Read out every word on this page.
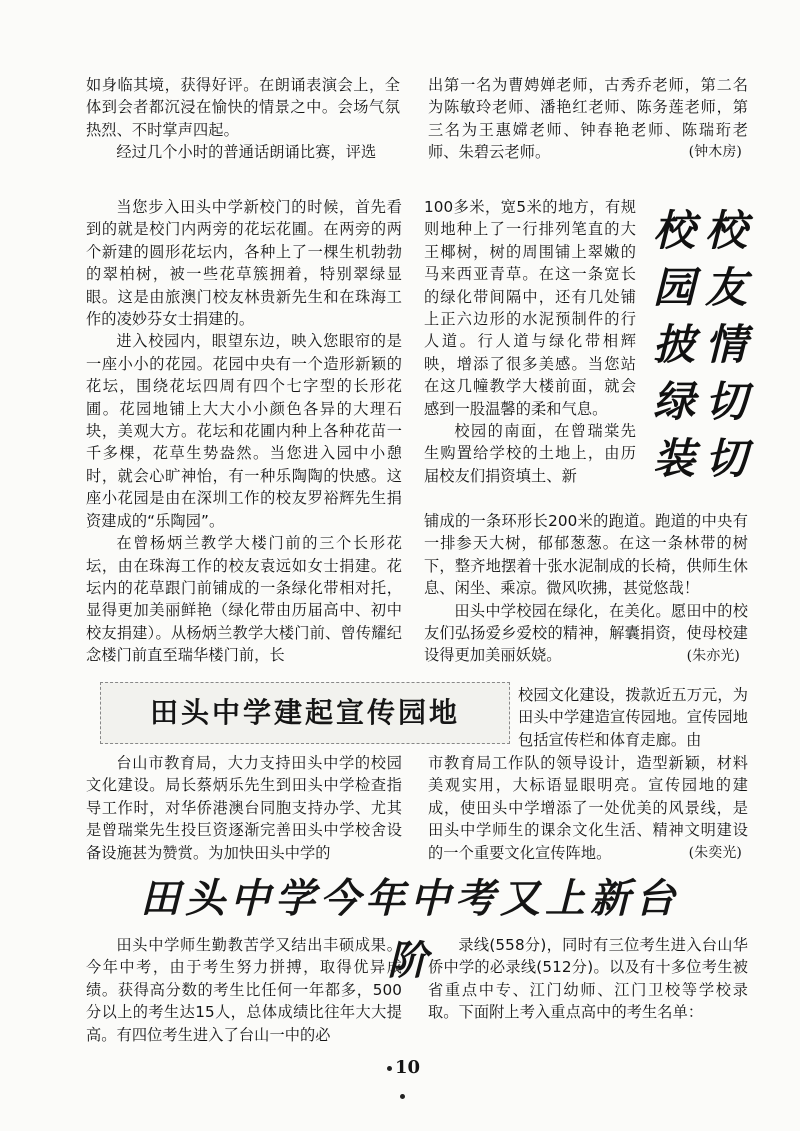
如身临其境，获得好评。在朗诵表演会上，全体到会者都沉浸在愉快的情景之中。会场气氛热烈、不时掌声四起。

经过几个小时的普通话朗诵比赛，评选

出第一名为曹娉婵老师，古秀乔老师，第二名为陈敏玲老师、潘艳红老师、陈务莲老师，第三名为王惠嫦老师、钟春艳老师、陈瑞珩老师、朱碧云老师。	(钟木房)

当您步入田头中学新校门的时候，首先看到的就是校门内两旁的花坛花圃。在两旁的两个新建的圆形花坛内，各种上了一棵生机勃勃的翠柏树，被一些花草簇拥着，特别翠绿显眼。这是由旅澳门校友林贵新先生和在珠海工作的凌妙芬女士捐建的。

进入校园内，眼望东边，映入您眼帘的是一座小小的花园。花园中央有一个造形新颖的花坛，围绕花坛四周有四个七字型的长形花圃。花园地铺上大大小小颜色各异的大理石块，美观大方。花坛和花圃内种上各种花苗一千多棵，花草生势盎然。当您进入园中小憩时，就会心旷神怡，有一种乐陶陶的快感。这座小花园是由在深圳工作的校友罗裕辉先生捐资建成的“乐陶园”。

在曾杨炳兰教学大楼门前的三个长形花坛，由在珠海工作的校友袁远如女士捐建。花坛内的花草跟门前铺成的一条绿化带相对托，显得更加美丽鲜艳（绿化带由历届高中、初中校友捐建）。从杨炳兰教学大楼门前、曾传耀纪念楼门前直至瑞华楼门前，长

100多米，宽5米的地方，有规则地种上了一行排列笔直的大王椰树，树的周围铺上翠嫩的马来西亚青草。在这一条宽长的绿化带间隔中，还有几处铺上正六边形的水泥预制件的行人道。行人道与绿化带相辉映，增添了很多美感。当您站在这几幢教学大楼前面，就会感到一股温馨的柔和气息。

校园的南面，在曾瑞棠先生购置给学校的土地上，由历届校友们捐资填土、新

校
园
披
绿
装
校
友
情
切
切

铺成的一条环形长200米的跑道。跑道的中央有一排参天大树，郁郁葱葱。在这一条林带的树下，整齐地摆着十张水泥制成的长椅，供师生休息、闲坐、乘凉。微风吹拂，甚觉悠哉！

田头中学校园在绿化，在美化。愿田中的校友们弘扬爱乡爱校的精神，解囊捐资，使母校建设得更加美丽妖娆。	(朱亦光)

田头中学建起宣传园地

校园文化建设，拨款近五万元，为田头中学建造宣传园地。宣传园地包括宣传栏和体育走廊。由

台山市教育局，大力支持田头中学的校园文化建设。局长蔡炳乐先生到田头中学检查指导工作时，对华侨港澳台同胞支持办学、尤其是曾瑞棠先生投巨资逐渐完善田头中学校舍设备设施甚为赞赏。为加快田头中学的

市教育局工作队的领导设计，造型新颖，材料美观实用，大标语显眼明亮。宣传园地的建成，使田头中学增添了一处优美的风景线，是田头中学师生的课余文化生活、精神文明建设的一个重要文化宣传阵地。	(朱奕光)

田头中学今年中考又上新台阶

田头中学师生勤教苦学又结出丰硕成果。今年中考，由于考生努力拼搏，取得优异成绩。获得高分数的考生比任何一年都多，500分以上的考生达15人，总体成绩比往年大大提高。有四位考生进入了台山一中的必

录线(558分)，同时有三位考生进入台山华侨中学的必录线(512分)。以及有十多位考生被省重点中专、江门幼师、江门卫校等学校录取。下面附上考入重点高中的考生名单：

10
